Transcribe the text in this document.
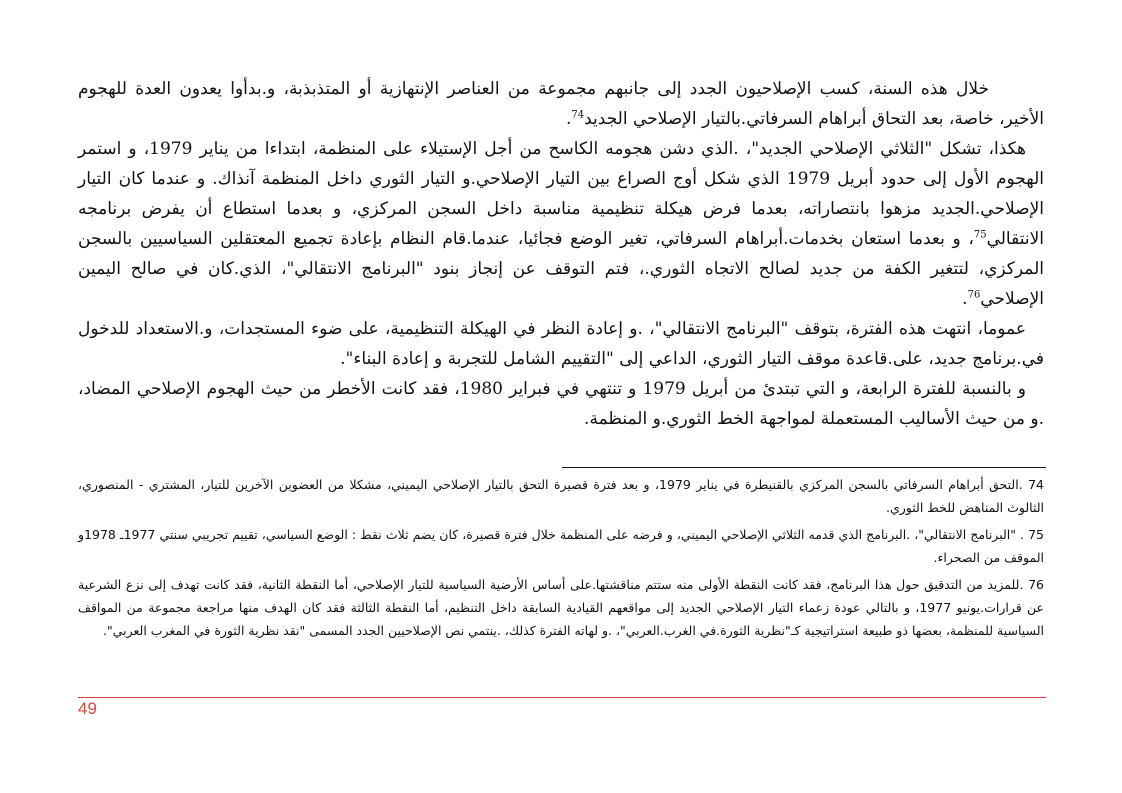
خلال هذه السنة، كسب الإصلاحيون الجدد إلى جانبهم مجموعة من العناصر الإنتهازية أو المتذبذبة، و.بدأوا يعدون العدة للهجوم الأخير، خاصة، بعد التحاق أبراهام السرفاتي.بالتيار الإصلاحي الجديد$^{74}$.

هكذا، تشكل "الثلاثي الإصلاحي الجديد"، .الذي دشن هجومه الكاسح من أجل الإستيلاء على المنظمة، ابتداءا من يناير 1979، و استمر الهجوم الأول إلى حدود أبريل 1979 الذي شكل أوج الصراع بين التيار الإصلاحي.و التيار الثوري داخل المنظمة آنذاك. و عندما كان التيار الإصلاحي.الجديد مزهوا بانتصاراته، بعدما فرض هيكلة تنظيمية مناسبة داخل السجن المركزي، و بعدما استطاع أن يفرض برنامجه الانتقالي$^{75}$، و بعدما استعان بخدمات.أبراهام السرفاتي، تغير الوضع فجائيا، عندما.قام النظام بإعادة تجميع المعتقلين السياسيين بالسجن المركزي، لتتغير الكفة من جديد لصالح الاتجاه الثوري.، فتم التوقف عن إنجاز بنود "البرنامج الانتقالي"، الذي.كان في صالح اليمين الإصلاحي$^{76}$.

عموما، انتهت هذه الفترة، بتوقف "البرنامج الانتقالي"، .و إعادة النظر في الهيكلة التنظيمية، على ضوء المستجدات، و.الاستعداد للدخول في.برنامج جديد، على.قاعدة موقف التيار الثوري، الداعي إلى "التقييم الشامل للتجربة و إعادة البناء".

و بالنسبة للفترة الرابعة، و التي تبتدئ من أبريل 1979 و تنتهي في فبراير 1980، فقد كانت الأخطر من حيث الهجوم الإصلاحي المضاد، .و من حيث الأساليب المستعملة لمواجهة الخط الثوري.و المنظمة.

74 .التحق أبراهام السرفاتي بالسجن المركزي بالقنيطرة في يناير 1979، و بعد فترة قصيرة التحق بالتيار الإصلاحي اليميني، مشكلا من العضوين الآخرين للتيار، المشتري - المنصوري، الثالوث المناهض للخط الثوري.

75 . "البرنامج الانتقالي"، .البرنامج الذي قدمه الثلاثي الإصلاحي اليميني، و فرضه على المنظمة خلال فترة قصيرة، كان يضم ثلاث نقط : الوضع السياسي، تقييم تجريبي سنتي 1977ـ 1978و الموقف من الصحراء.

76 .للمزيد من التدقيق حول هذا البرنامج، فقد كانت النقطة الأولى منه ستتم مناقشتها.على أساس الأرضية السياسية للتيار الإصلاحي، أما النقطة الثانية، فقد كانت تهدف إلى نزع الشرعية عن قرارات.يونيو 1977، و بالتالي عودة زعماء التيار الإصلاحي الجديد إلى مواقعهم القيادية السابقة داخل التنظيم، أما النقطة الثالثة فقد كان الهدف منها مراجعة مجموعة من المواقف السياسية للمنظمة، بعضها ذو طبيعة استراتيجية كـ"نظرية الثورة.في الغرب.العربي"، .و لهاته الفترة كذلك، .ينتمي نص الإصلاحيين الجدد المسمى "نقد نظرية الثورة في المغرب العربي".

49
